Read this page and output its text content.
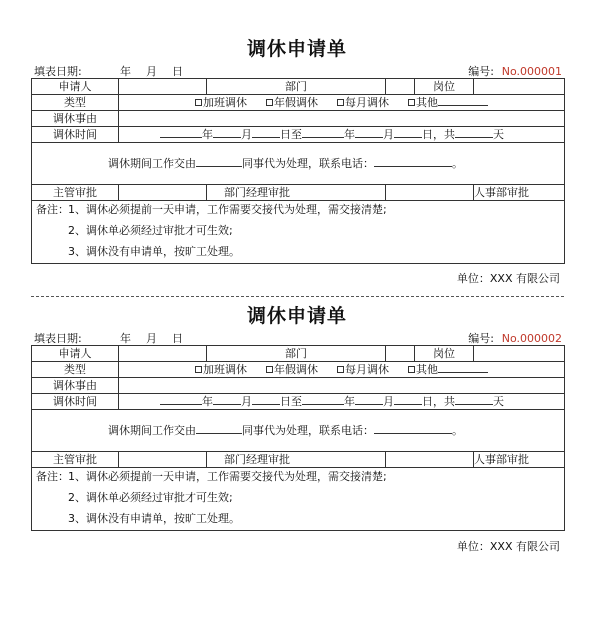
调休申请单
填表日期:	年　月　日	编号: No.000001
申请人		部门		岗位	
类型	加班调休 年假调休 每月调休 其他				
调休事由					
调休时间	年 月 日至 年 月 日，共 天				
调休期间工作交由 同事代为处理，联系电话： 。					
主管审批		部门经理审批			人事部审批

备注： 1、调休必须提前一天申请，工作需要交接代为处理，需交接清楚;
2、调休单必须经过审批才可生效;
3、调休没有申请单，按旷工处理。					
单位：XXX 有限公司
调休申请单
填表日期:	年　月　日	编号: No.000002
申请人		部门		岗位	
类型	加班调休 年假调休 每月调休 其他				
调休事由					
调休时间	年 月 日至 年 月 日，共 天				
调休期间工作交由 同事代为处理，联系电话： 。					
主管审批		部门经理审批			人事部审批

备注： 1、调休必须提前一天申请，工作需要交接代为处理，需交接清楚;
2、调休单必须经过审批才可生效;
3、调休没有申请单，按旷工处理。					
单位：XXX 有限公司
